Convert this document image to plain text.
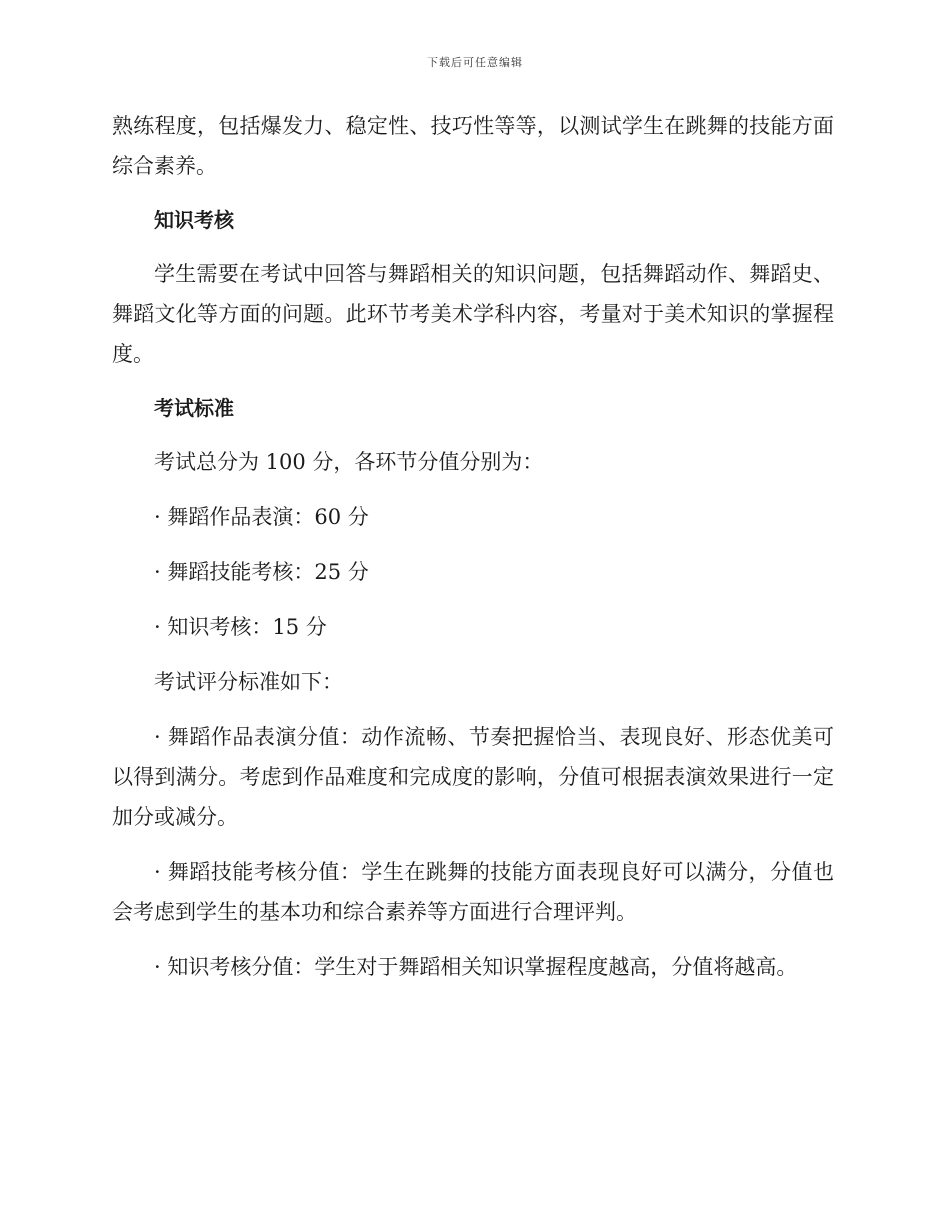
下载后可任意编辑

熟练程度，包括爆发力、稳定性、技巧性等等，以测试学生在跳舞的技能方面综合素养。

知识考核

学生需要在考试中回答与舞蹈相关的知识问题，包括舞蹈动作、舞蹈史、舞蹈文化等方面的问题。此环节考美术学科内容，考量对于美术知识的掌握程度。

考试标准

考试总分为 100 分，各环节分值分别为：

· 舞蹈作品表演：60 分

· 舞蹈技能考核：25 分

· 知识考核：15 分

考试评分标准如下：

· 舞蹈作品表演分值：动作流畅、节奏把握恰当、表现良好、形态优美可以得到满分。考虑到作品难度和完成度的影响，分值可根据表演效果进行一定加分或减分。

· 舞蹈技能考核分值：学生在跳舞的技能方面表现良好可以满分，分值也会考虑到学生的基本功和综合素养等方面进行合理评判。

· 知识考核分值：学生对于舞蹈相关知识掌握程度越高，分值将越高。
